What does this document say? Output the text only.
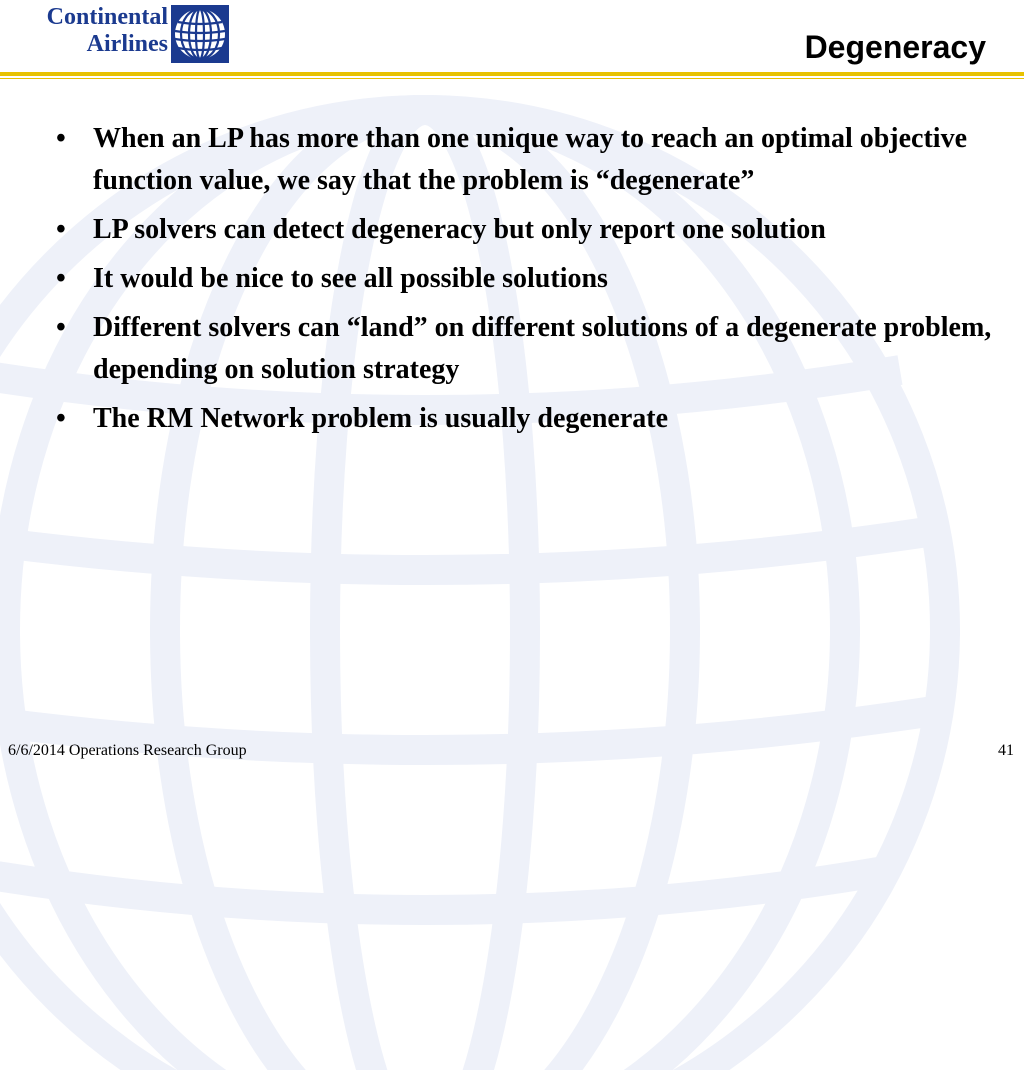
Continental
Airlines	Degeneracy
• When an LP has more than one unique way to reach an optimal objective function value, we say that the problem is “degenerate”
• LP solvers can detect degeneracy but only report one solution
• It would be nice to see all possible solutions
• Different solvers can “land” on different solutions of a degenerate problem, depending on solution strategy
• The RM Network problem is usually degenerate
6/6/2014 Operations Research Group	41
